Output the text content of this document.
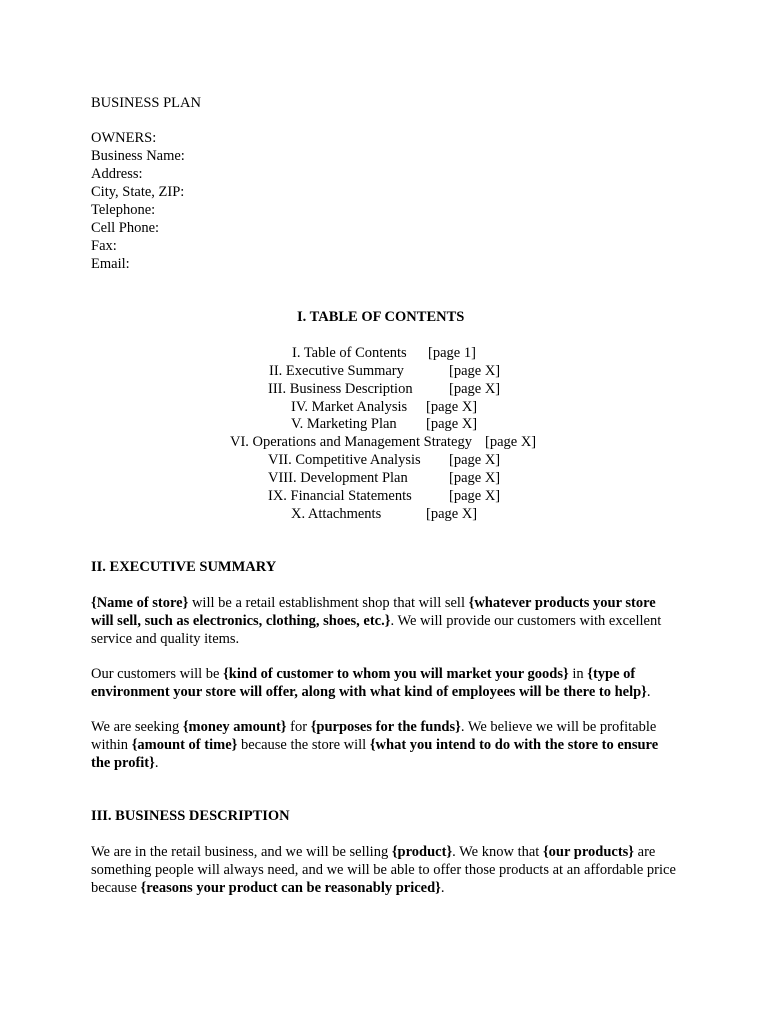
BUSINESS PLAN
OWNERS:
Business Name:
Address:
City, State, ZIP:
Telephone:
Cell Phone:
Fax:
Email:
I. TABLE OF CONTENTS
I. Table of Contents [page 1]
II. Executive Summary	[page X]
III. Business Description	[page X]
IV. Market Analysis [page X]
V. Marketing Plan [page X]
VI. Operations and Management Strategy [page X]
VII. Competitive Analysis [page X]
VIII. Development Plan	[page X]
IX. Financial Statements	[page X]
X. Attachments	[page X]
II. EXECUTIVE SUMMARY
{Name of store} will be a retail establishment shop that will sell {whatever products your store will sell, such as electronics, clothing, shoes, etc.}. We will provide our customers with excellent service and quality items.
Our customers will be {kind of customer to whom you will market your goods} in {type of environment your store will offer, along with what kind of employees will be there to help}.
We are seeking {money amount} for {purposes for the funds}. We believe we will be profitable within {amount of time} because the store will {what you intend to do with the store to ensure the profit}.
III. BUSINESS DESCRIPTION
We are in the retail business, and we will be selling {product}. We know that {our products} are something people will always need, and we will be able to offer those products at an affordable price because {reasons your product can be reasonably priced}.
